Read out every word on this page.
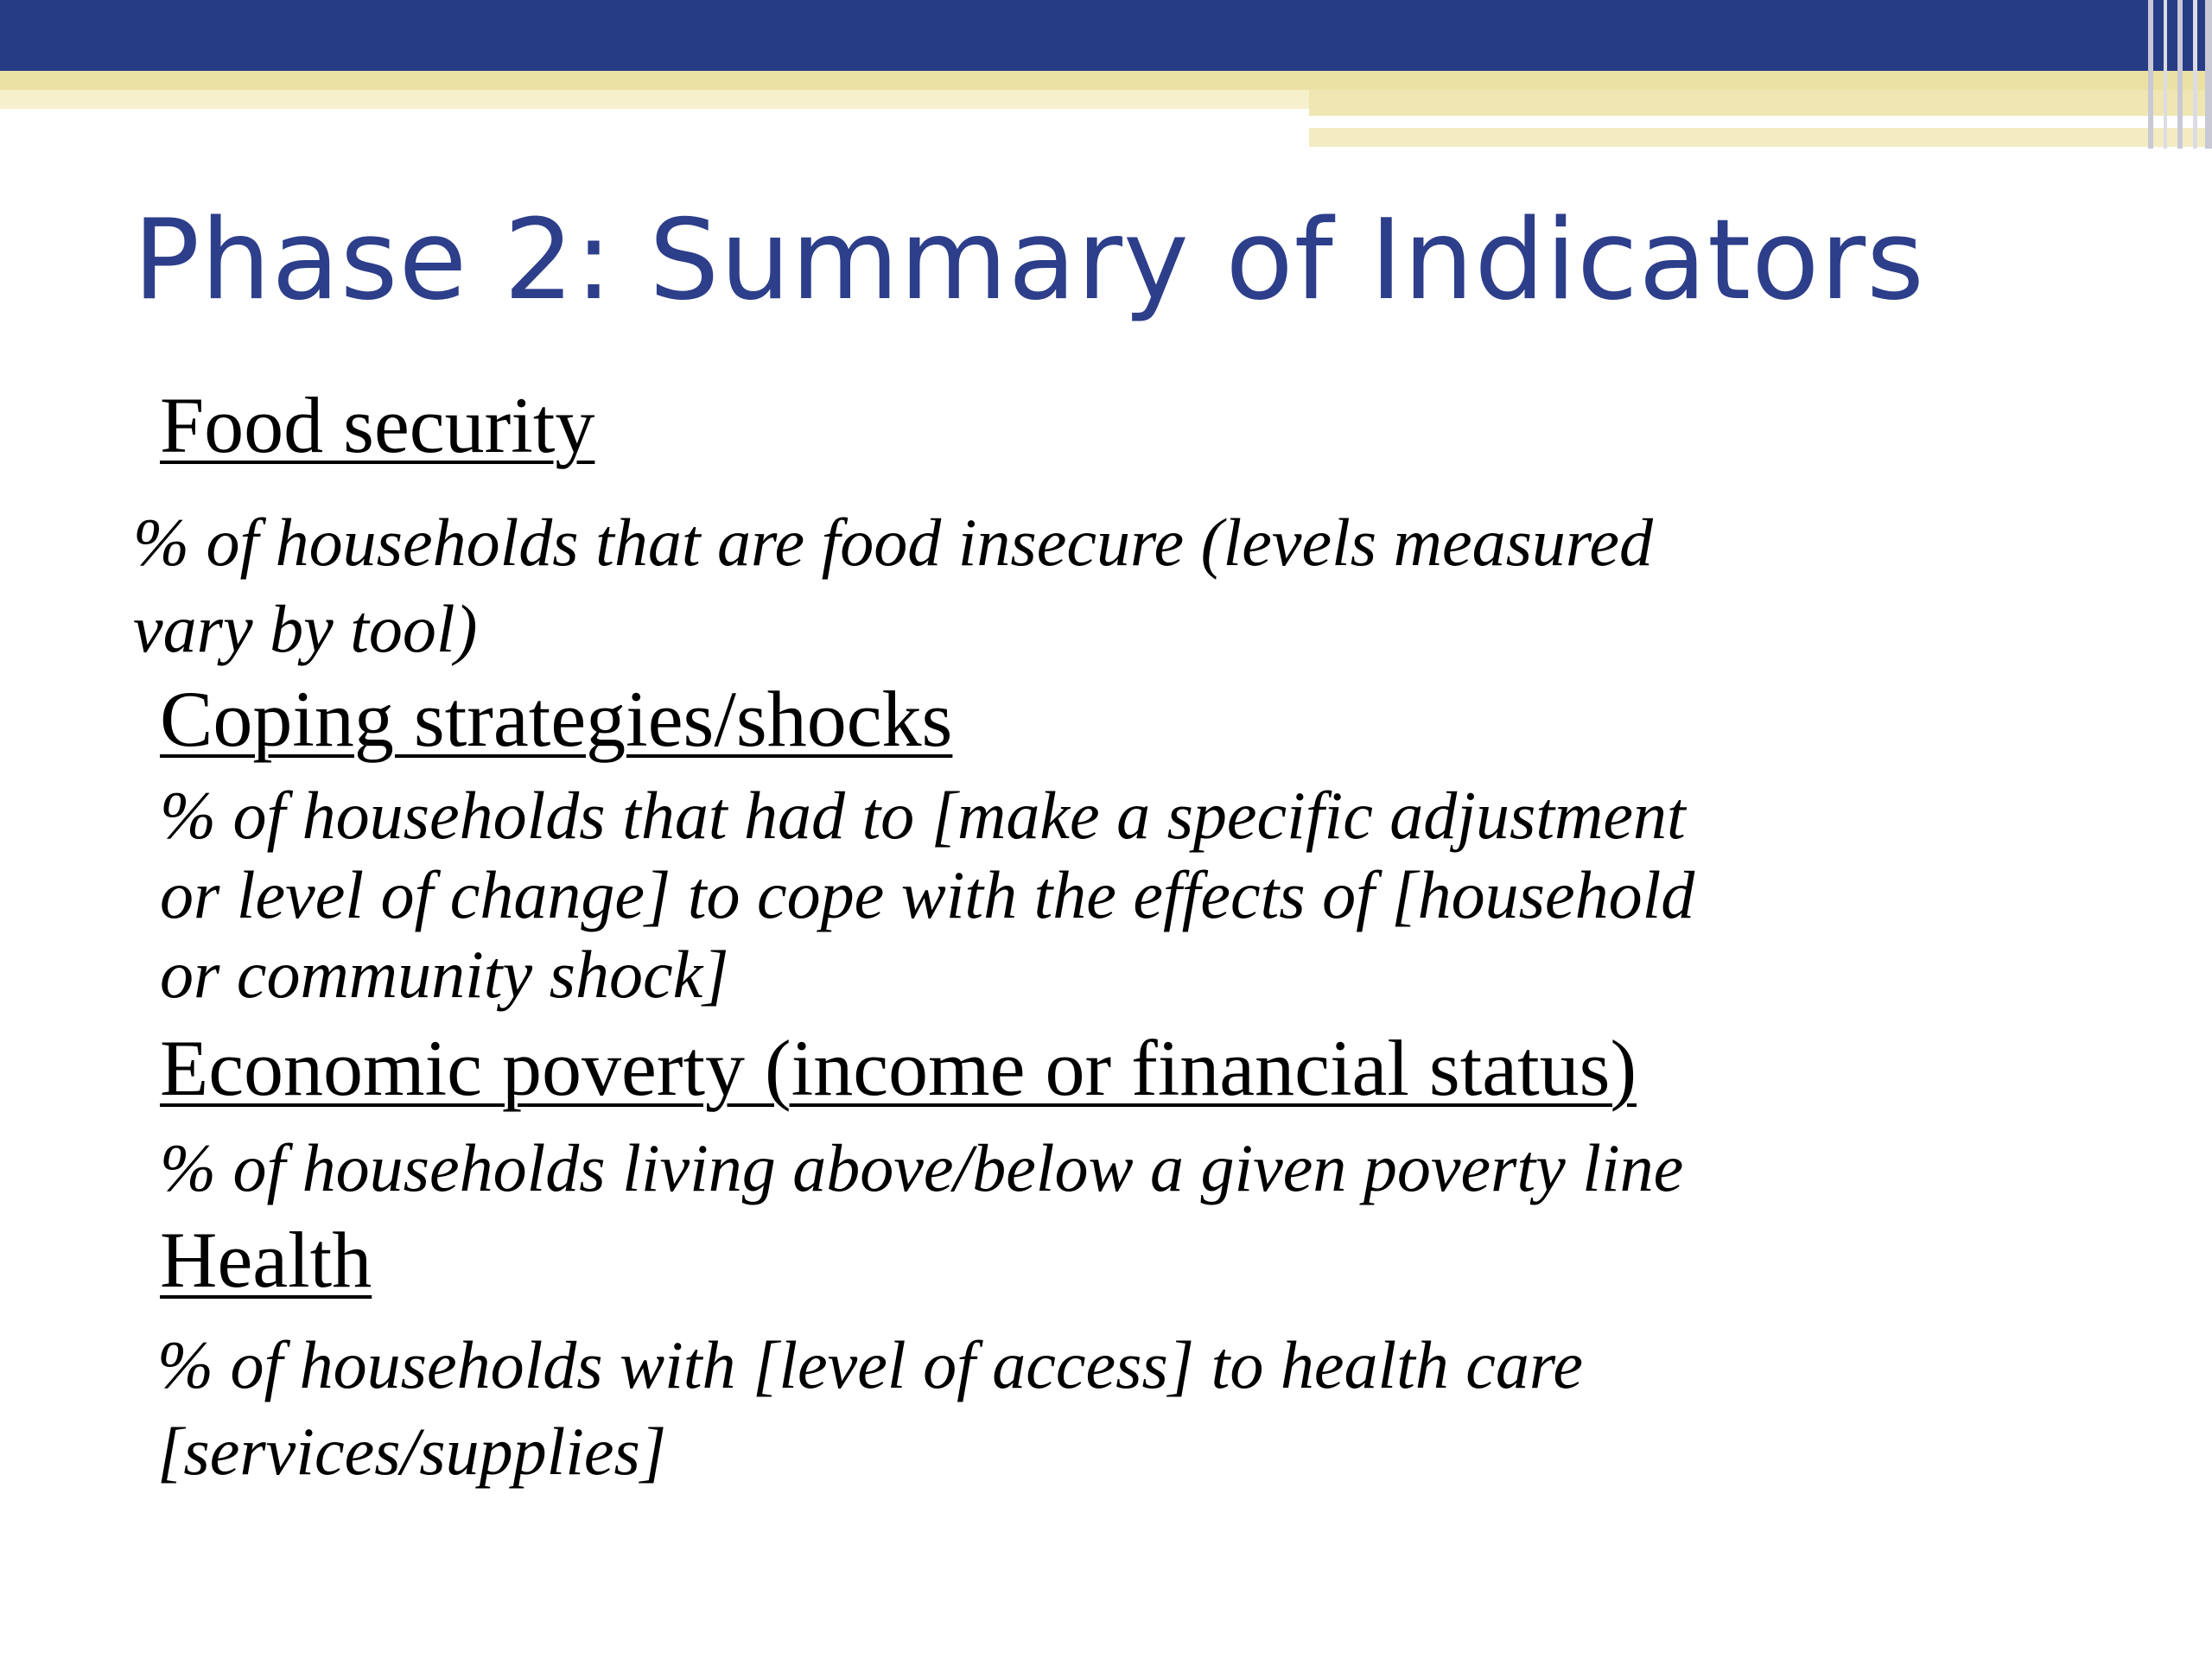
Phase 2: Summary of Indicators
Food security

% of households that are food insecure (levels measured
vary by tool)

Coping strategies/shocks

% of households that had to [make a specific adjustment
or level of change] to cope with the effects of [household
or community shock]

Economic poverty (income or financial status)

% of households living above/below a given poverty line

Health

% of households with [level of access] to health care
[services/supplies]
